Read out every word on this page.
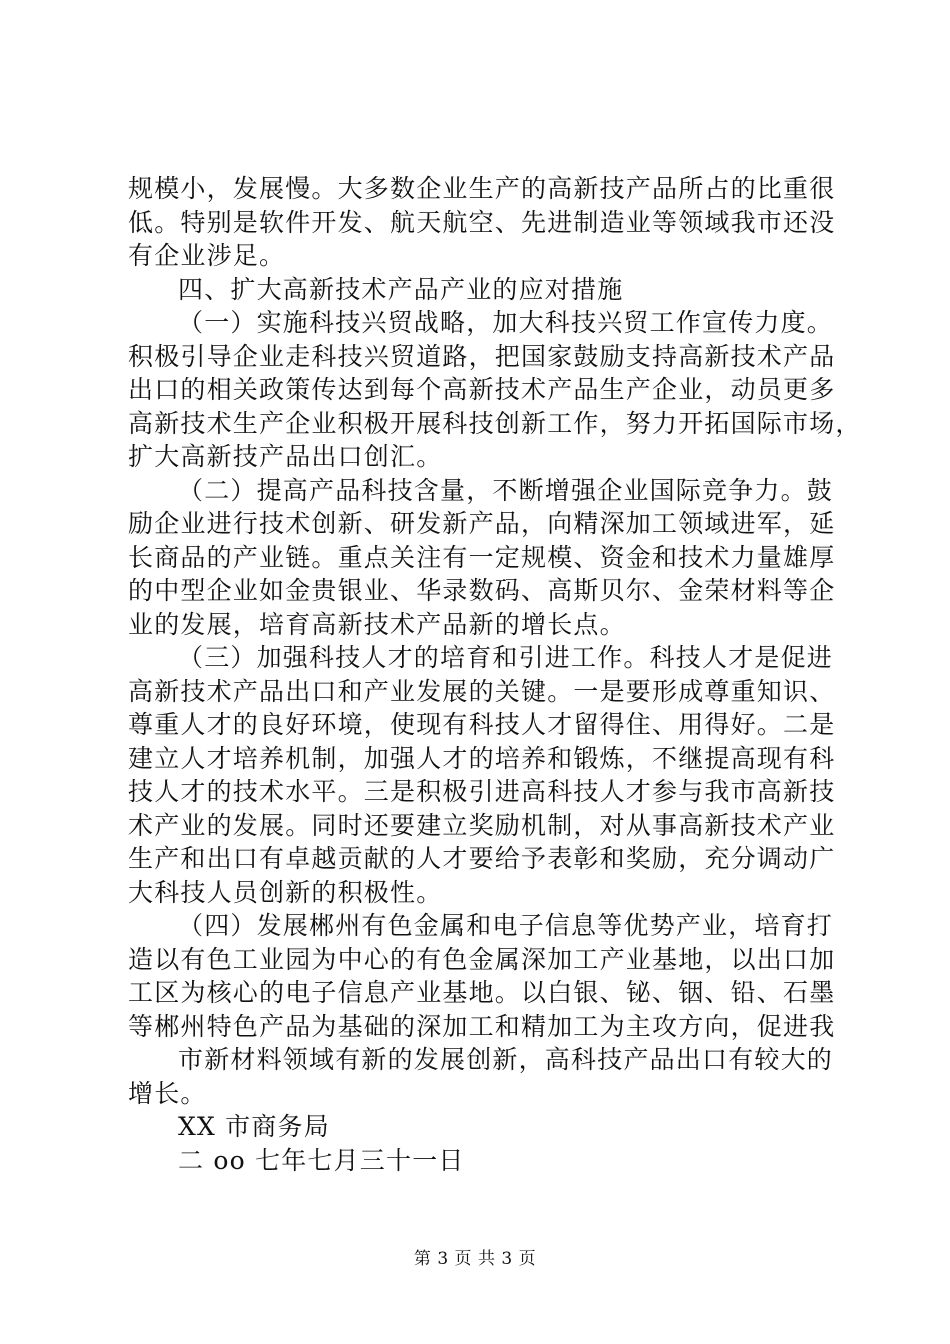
规模小，发展慢。大多数企业生产的高新技产品所占的比重很
低。特别是软件开发、航天航空、先进制造业等领域我市还没
有企业涉足。
四、扩大高新技术产品产业的应对措施
（一）实施科技兴贸战略，加大科技兴贸工作宣传力度。
积极引导企业走科技兴贸道路，把国家鼓励支持高新技术产品
出口的相关政策传达到每个高新技术产品生产企业，动员更多
高新技术生产企业积极开展科技创新工作，努力开拓国际市场，
扩大高新技产品出口创汇。
（二）提高产品科技含量，不断增强企业国际竞争力。鼓
励企业进行技术创新、研发新产品，向精深加工领域进军，延
长商品的产业链。重点关注有一定规模、资金和技术力量雄厚
的中型企业如金贵银业、华录数码、高斯贝尔、金荣材料等企
业的发展，培育高新技术产品新的增长点。
（三）加强科技人才的培育和引进工作。科技人才是促进
高新技术产品出口和产业发展的关键。一是要形成尊重知识、
尊重人才的良好环境，使现有科技人才留得住、用得好。二是
建立人才培养机制，加强人才的培养和锻炼，不继提高现有科
技人才的技术水平。三是积极引进高科技人才参与我市高新技
术产业的发展。同时还要建立奖励机制，对从事高新技术产业
生产和出口有卓越贡献的人才要给予表彰和奖励，充分调动广
大科技人员创新的积极性。
（四）发展郴州有色金属和电子信息等优势产业，培育打
造以有色工业园为中心的有色金属深加工产业基地，以出口加
工区为核心的电子信息产业基地。以白银、铋、铟、铅、石墨
等郴州特色产品为基础的深加工和精加工为主攻方向，促进我
市新材料领域有新的发展创新，高科技产品出口有较大的
增长。
XX 市商务局
二 oo 七年七月三十一日
第 3 页 共 3 页
